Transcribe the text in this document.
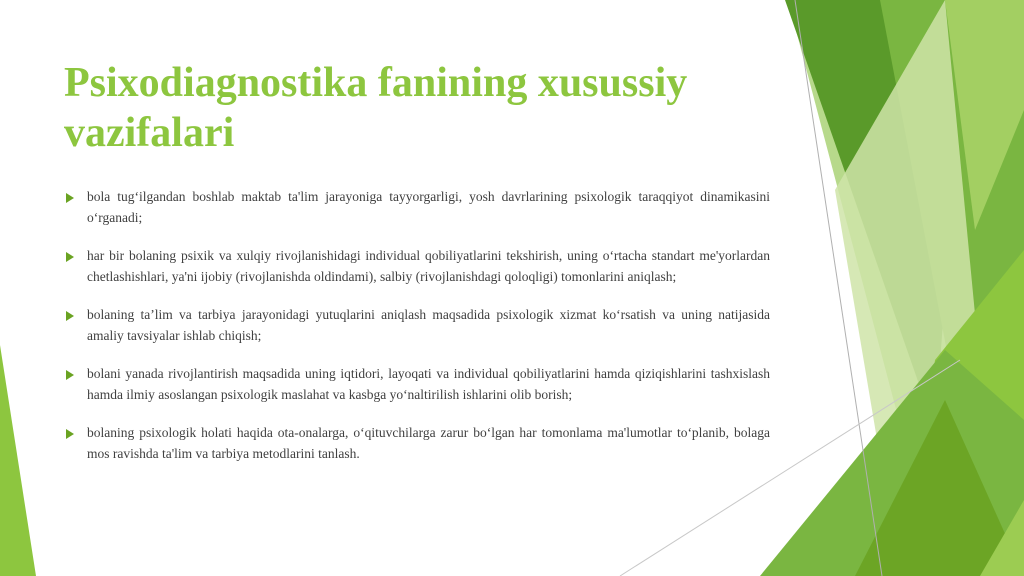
Psixodiagnostika fanining xusussiy vazifalari
bola tug‘ilgandan boshlab maktab ta'lim jarayoniga tayyorgarligi, yosh davrlarining psixologik taraqqiyot dinamikasini o‘rganadi;
har bir bolaning psixik va xulqiy rivojlanishidagi individual qobiliyatlarini tekshirish, uning o‘rtacha standart me'yorlardan chetlashishlari, ya'ni ijobiy (rivojlanishda oldindami), salbiy (rivojlanishdagi qoloqligi) tomonlarini aniqlash;
bolaning ta’lim va tarbiya jarayonidagi yutuqlarini aniqlash maqsadida psixologik xizmat ko‘rsatish va uning natijasida amaliy tavsiyalar ishlab chiqish;
bolani yanada rivojlantirish maqsadida uning iqtidori, layoqati va individual qobiliyatlarini hamda qiziqishlarini tashxislash hamda ilmiy asoslangan psixologik maslahat va kasbga yo‘naltirilish ishlarini olib borish;
bolaning psixologik holati haqida ota-onalarga, o‘qituvchilarga zarur bo‘lgan har tomonlama ma'lumotlar to‘planib, bolaga mos ravishda ta'lim va tarbiya metodlarini tanlash.
